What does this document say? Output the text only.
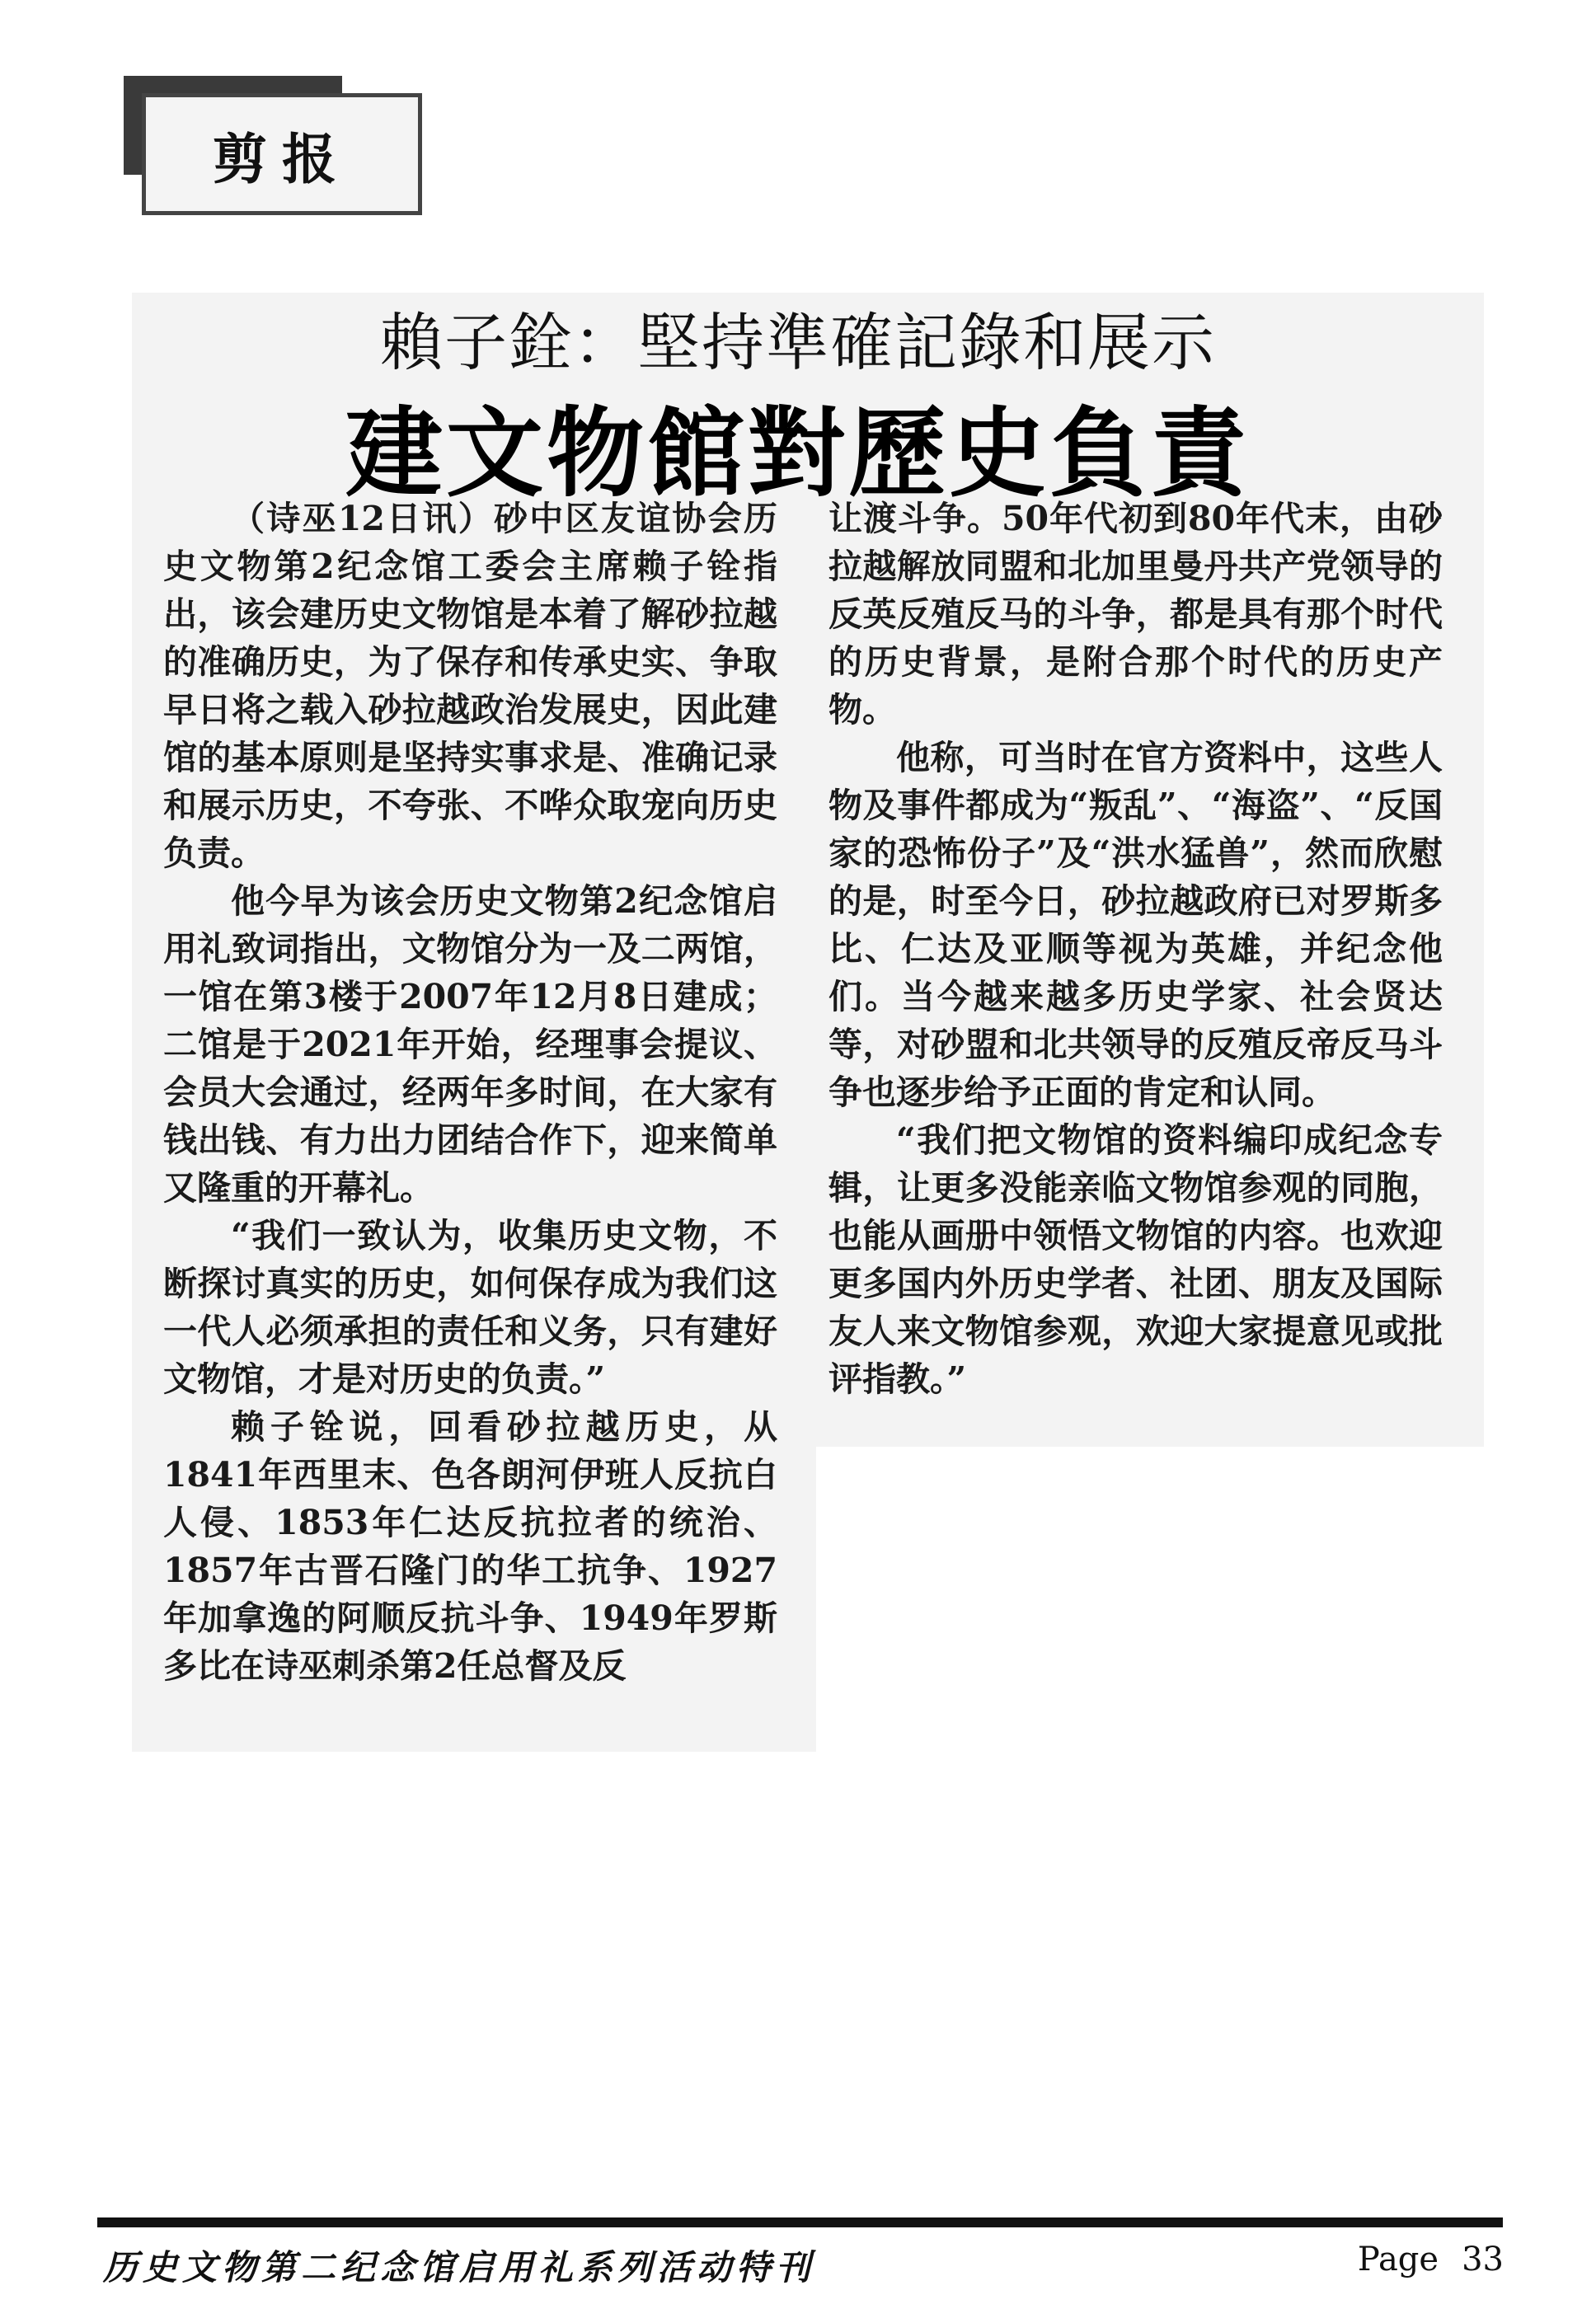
剪报
賴子銓：堅持準確記錄和展示
建文物館對歷史負責

（诗巫12日讯）砂中区友谊协会历史文物第2纪念馆工委会主席赖子铨指出，该会建历史文物馆是本着了解砂拉越的准确历史，为了保存和传承史实、争取早日将之载入砂拉越政治发展史，因此建馆的基本原则是坚持实事求是、准确记录和展示历史，不夸张、不哗众取宠向历史负责。

他今早为该会历史文物第2纪念馆启用礼致词指出，文物馆分为一及二两馆，一馆在第3楼于2007年12月8日建成；二馆是于2021年开始，经理事会提议、会员大会通过，经两年多时间，在大家有钱出钱、有力出力团结合作下，迎来简单又隆重的开幕礼。

“我们一致认为，收集历史文物，不断探讨真实的历史，如何保存成为我们这一代人必须承担的责任和义务，只有建好文物馆，才是对历史的负责。”

赖子铨说，回看砂拉越历史，从1841年西里末、色各朗河伊班人反抗白人侵、1853年仁达反抗拉者的统治、1857年古晋石隆门的华工抗争、1927年加拿逸的阿顺反抗斗争、1949年罗斯多比在诗巫刺杀第2任总督及反

让渡斗争。50年代初到80年代末，由砂拉越解放同盟和北加里曼丹共产党领导的反英反殖反马的斗争，都是具有那个时代的历史背景，是附合那个时代的历史产物。

他称，可当时在官方资料中，这些人物及事件都成为“叛乱”、“海盗”、“反国家的恐怖份子”及“洪水猛兽”，然而欣慰的是，时至今日，砂拉越政府已对罗斯多比、仁达及亚顺等视为英雄，并纪念他们。当今越来越多历史学家、社会贤达等，对砂盟和北共领导的反殖反帝反马斗争也逐步给予正面的肯定和认同。

“我们把文物馆的资料编印成纪念专辑，让更多没能亲临文物馆参观的同胞，也能从画册中领悟文物馆的内容。也欢迎更多国内外历史学者、社团、朋友及国际友人来文物馆参观，欢迎大家提意见或批评指教。”

历史文物第二纪念馆启用礼系列活动特刊	Page 33
